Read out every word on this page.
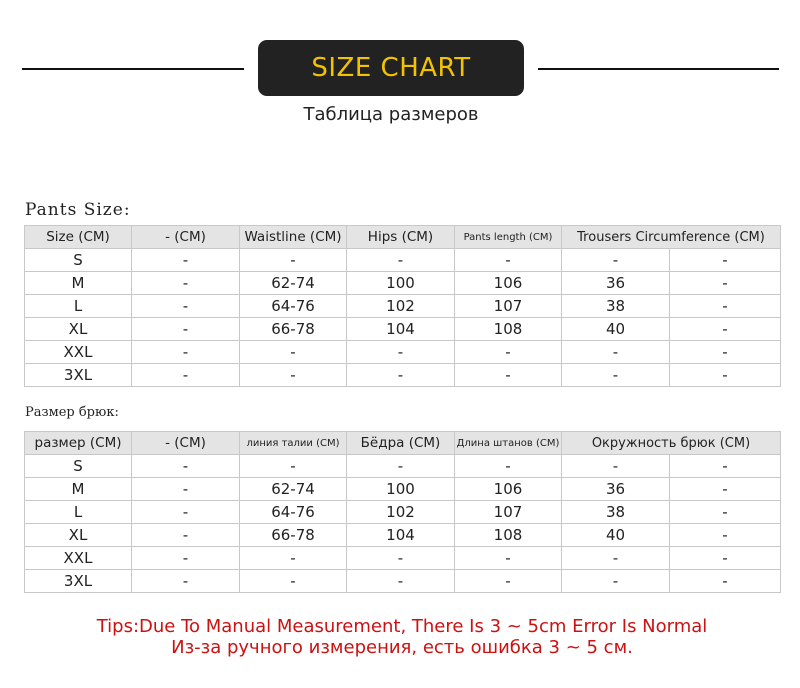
SIZE CHART
Таблица размеров
Pants Size:
Size (CM)	- (CM)	Waistline (CM)	Hips (CM)	Pants length (CM)	Trousers Circumference (CM)	
S	-	-	-	-	-	-
M	-	62-74	100	106	36	-
L	-	64-76	102	107	38	-
XL	-	66-78	104	108	40	-
XXL	-	-	-	-	-	-
3XL	-	-	-	-	-	-
Размер брюк:
размер (CM)	- (CM)	линия талии (CM)	Бёдра (CM)	Длина штанов (CM)	Окружность брюк (CM)	
S	-	-	-	-	-	-
M	-	62-74	100	106	36	-
L	-	64-76	102	107	38	-
XL	-	66-78	104	108	40	-
XXL	-	-	-	-	-	-
3XL	-	-	-	-	-	-
Tips:Due To Manual Measurement, There Is 3 ~ 5cm Error Is Normal
Из-за ручного измерения, есть ошибка 3 ~ 5 см.
